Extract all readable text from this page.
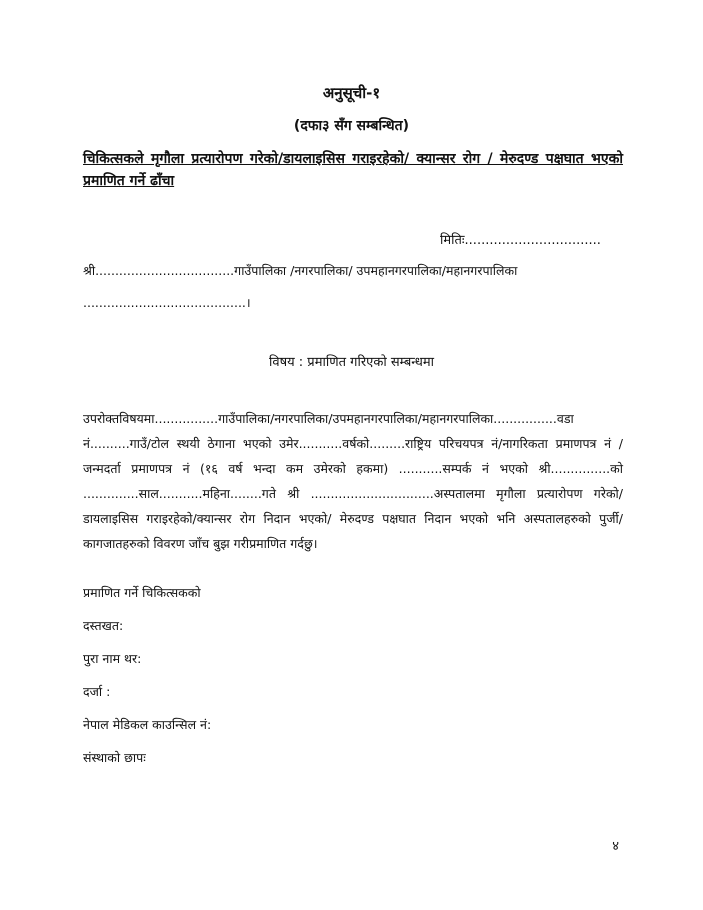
अनुसूची-१
(दफा३ सँग सम्बन्धित)
चिकित्सकले मृगौला प्रत्यारोपण गरेको/डायलाइसिस गराइरहेको/ क्यान्सर रोग / मेरुदण्ड पक्षघात भएको प्रमाणित गर्ने ढाँचा
मितिः.................................
श्री...................................गाउँपालिका /नगरपालिका/ उपमहानगरपालिका/महानगरपालिका
.........................................।
विषय : प्रमाणित गरिएको सम्बन्धमा

उपरोक्तविषयमा................गाउँपालिका/नगरपालिका/उपमहानगरपालिका/महानगरपालिका................वडा नं..........गाउँ/टोल स्थयी ठेगाना भएको उमेर...........वर्षको.........राष्ट्रिय परिचयपत्र नं/नागरिकता प्रमाणपत्र नं / जन्मदर्ता प्रमाणपत्र नं (१६ वर्ष भन्दा कम उमेरको हकमा) ...........सम्पर्क नं भएको श्री...............को ..............साल...........महिना........गते श्री ...............................अस्पतालमा मृगौला प्रत्यारोपण गरेको/डायलाइसिस गराइरहेको/क्यान्सर रोग निदान भएको/ मेरुदण्ड पक्षघात निदान भएको भनि अस्पतालहरुको पुर्जी/ कागजातहरुको विवरण जाँच बुझ गरीप्रमाणित गर्दछु।

प्रमाणित गर्ने चिकित्सकको
दस्तखत:
पुरा नाम थर:
दर्जा :
नेपाल मेडिकल काउन्सिल नं:
संस्थाको छापः
४
